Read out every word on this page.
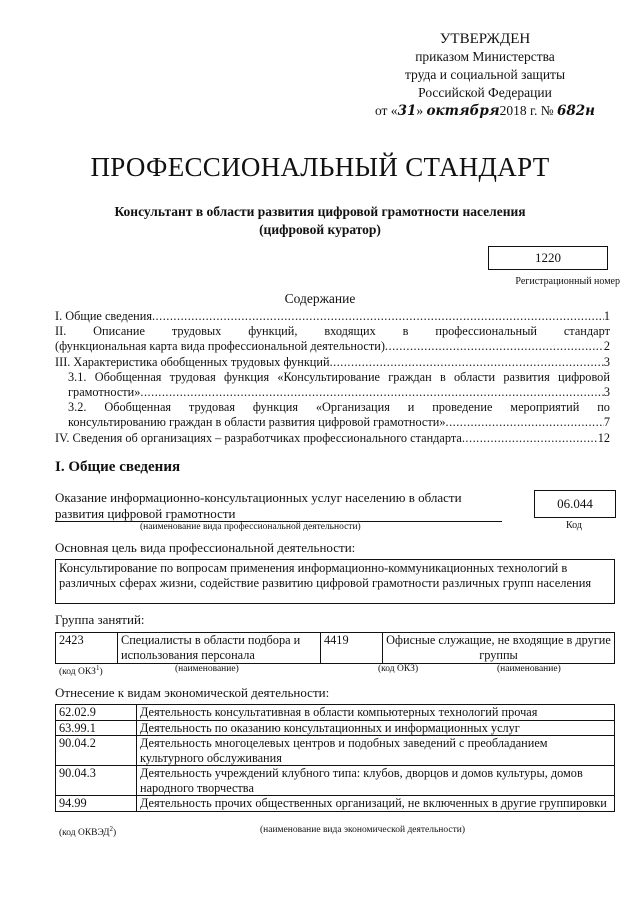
УТВЕРЖДЕН
приказом Министерства
труда и социальной защиты
Российской Федерации
от «31» октября2018 г. № 682н
ПРОФЕССИОНАЛЬНЫЙ СТАНДАРТ
Консультант в области развития цифровой грамотности населения
(цифровой куратор)
1220
Регистрационный номер
Содержание
I. Общие сведения .....	1
II. Описание трудовых функций, входящих в профессиональный стандарт
(функциональная карта вида профессиональной деятельности) .....	2
III. Характеристика обобщенных трудовых функций .....	3
3.1. Обобщенная трудовая функция «Консультирование граждан в области развития цифровой
грамотности» .....	3
3.2. Обобщенная трудовая функция «Организация и проведение мероприятий по
консультированию граждан в области развития цифровой грамотности» .....	7
IV. Сведения об организациях – разработчиках профессионального стандарта .....	12
I. Общие сведения
Оказание информационно-консультационных услуг населению в области
развития цифровой грамотности
(наименование вида профессиональной деятельности)
06.044
Код
Основная цель вида профессиональной деятельности:
Консультирование по вопросам применения информационно-коммуникационных технологий в различных сферах жизни, содействие развитию цифровой грамотности различных групп населения
Группа занятий:
2423	Специалисты в области подбора и использования персонала	4419	Офисные служащие, не входящие в другие группы
(код ОКЗ$^1$)	(наименование)	(код ОКЗ)	(наименование)
Отнесение к видам экономической деятельности:
62.02.9	Деятельность консультативная в области компьютерных технологий прочая
63.99.1	Деятельность по оказанию консультационных и информационных услуг
90.04.2	Деятельность многоцелевых центров и подобных заведений с преобладанием культурного обслуживания
90.04.3	Деятельность учреждений клубного типа: клубов, дворцов и домов культуры, домов народного творчества
94.99	Деятельность прочих общественных организаций, не включенных в другие группировки
(код ОКВЭД$^2$)	(наименование вида экономической деятельности)
